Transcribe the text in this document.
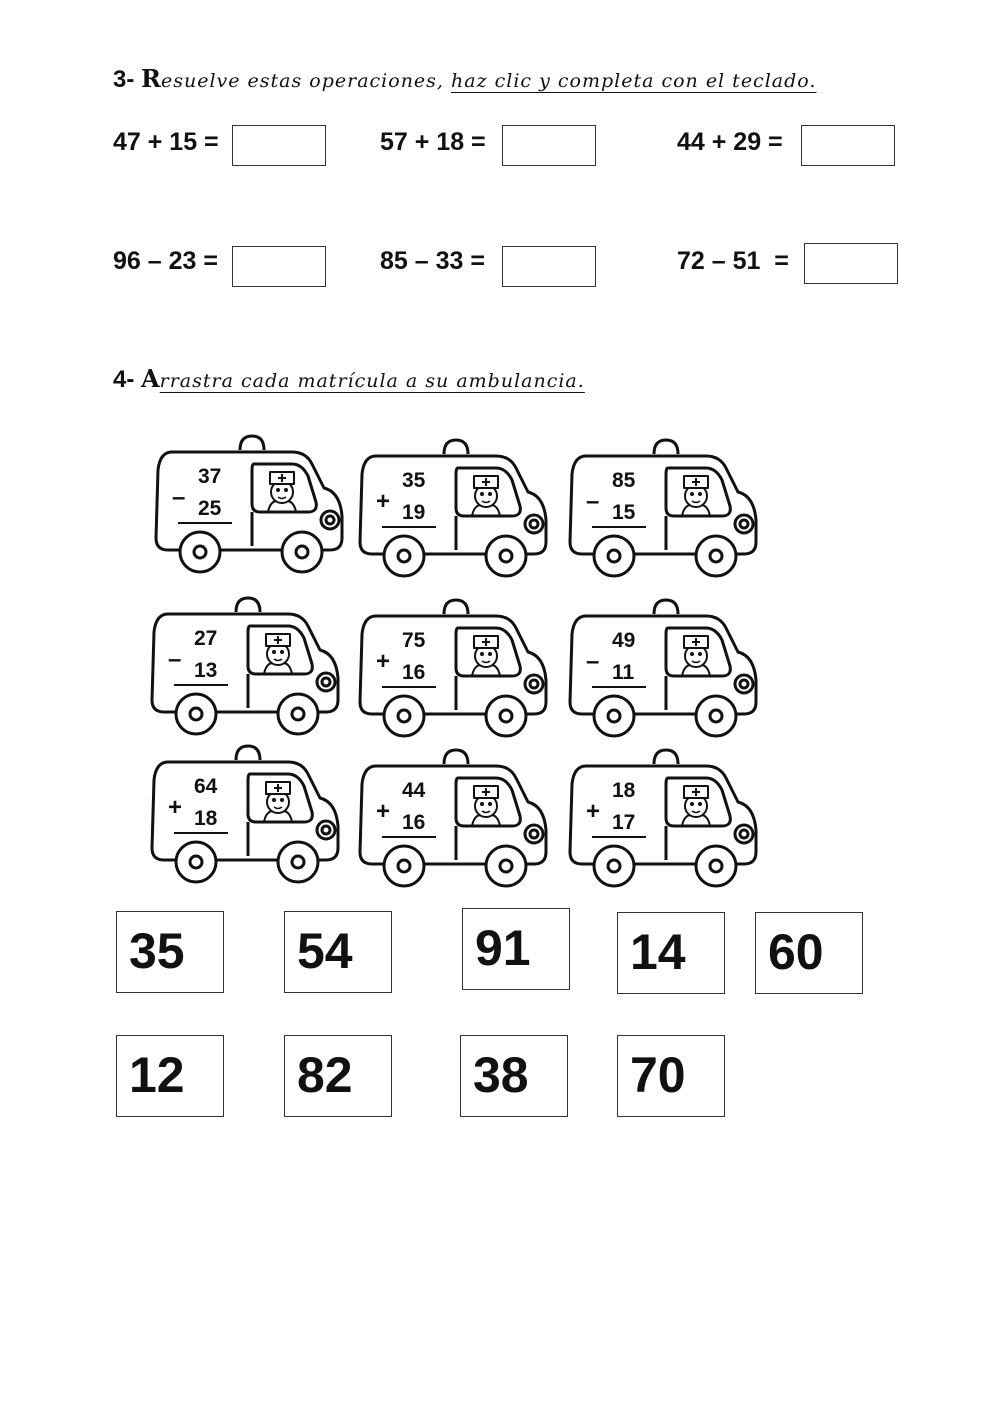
3- Resuelve estas operaciones, haz clic y completa con el teclado.
47 + 15 =	57 + 18 =	44 + 29 =
96 – 23 =	85 – 33 =	72 – 51  =
4- Arrastra cada matrícula a su ambulancia.
37
– 25
35
+ 19
85
– 15
27
– 13
75
+ 16
49
– 11
64
+ 18
44
+ 16
18
+ 17
35 54 91 14 60
12 82 38 70
